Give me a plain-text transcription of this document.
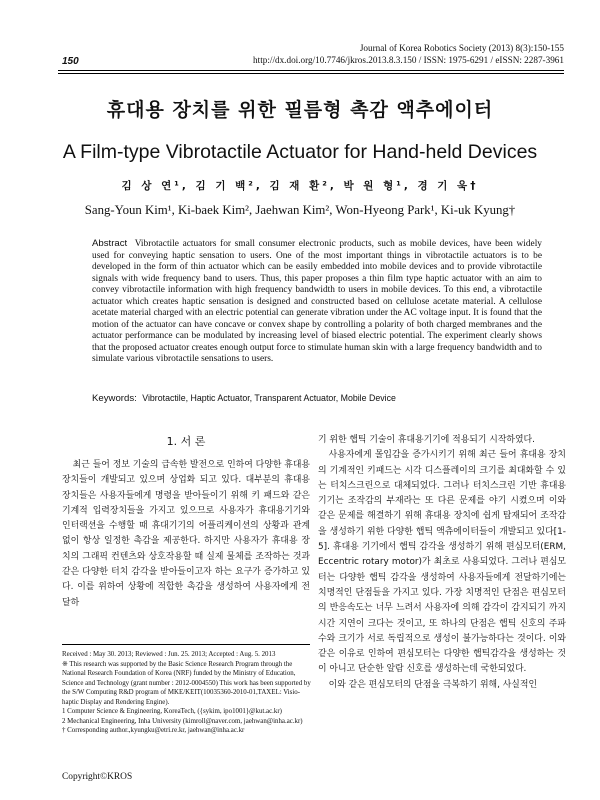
150
Journal of Korea Robotics Society (2013) 8(3):150-155
http://dx.doi.org/10.7746/jkros.2013.8.3.150 / ISSN: 1975-6291 / eISSN: 2287-3961
휴대용 장치를 위한 필름형 촉감 액추에이터
A Film-type Vibrotactile Actuator for Hand-held Devices
김 상 연¹, 김 기 백², 김 재 환², 박 원 형¹, 경 기 욱†
Sang-Youn Kim¹, Ki-baek Kim², Jaehwan Kim², Won-Hyeong Park¹, Ki-uk Kyung†
Abstract Vibrotactile actuators for small consumer electronic products, such as mobile devices, have been widely used for conveying haptic sensation to users. One of the most important things in vibrotactile actuators is to be developed in the form of thin actuator which can be easily embedded into mobile devices and to provide vibrotactile signals with wide frequency band to users. Thus, this paper proposes a thin film type haptic actuator with an aim to convey vibrotactile information with high frequency bandwidth to users in mobile devices. To this end, a vibrotactile actuator which creates haptic sensation is designed and constructed based on cellulose acetate material. A cellulose acetate material charged with an electric potential can generate vibration under the AC voltage input. It is found that the motion of the actuator can have concave or convex shape by controlling a polarity of both charged membranes and the actuator performance can be modulated by increasing level of biased electric potential. The experiment clearly shows that the proposed actuator creates enough output force to stimulate human skin with a large frequency bandwidth and to simulate various vibrotactile sensations to users.
Keywords: Vibrotactile, Haptic Actuator, Transparent Actuator, Mobile Device
1. 서 론

최근 들어 정보 기술의 급속한 발전으로 인하여 다양한 휴대용 장치들이 개발되고 있으며 상업화 되고 있다. 대부분의 휴대용 장치들은 사용자들에게 명령을 받아들이기 위해 키 패드와 같은 기계적 입력장치들을 가지고 있으므로 사용자가 휴대용기기와 인터랙션을 수행할 때 휴대기기의 어플리케이션의 상황과 관계 없이 항상 일정한 촉감을 제공한다. 하지만 사용자가 휴대용 장치의 그래픽 컨텐츠와 상호작용할 때 실제 물체를 조작하는 것과 같은 다양한 터치 감각을 받아들이고자 하는 요구가 증가하고 있다. 이를 위하여 상황에 적합한 촉감을 생성하여 사용자에게 전달하

기 위한 햅틱 기술이 휴대용기기에 적용되기 시작하였다.

사용자에게 몰입감을 증가시키기 위해 최근 들어 휴대용 장치의 기계적인 키패드는 시각 디스플레이의 크기를 최대화할 수 있는 터치스크린으로 대체되었다. 그러나 터치스크린 기반 휴대용기기는 조작감의 부재라는 또 다른 문제를 야기 시켰으며 이와 같은 문제를 해결하기 위해 휴대용 장치에 쉽게 탑재되어 조작감을 생성하기 위한 다양한 햅틱 액츄에이터들이 개발되고 있다[1-5]. 휴대용 기기에서 햅틱 감각을 생성하기 위해 편심모터(ERM, Eccentric rotary motor)가 최초로 사용되었다. 그러나 편심모터는 다양한 햅틱 감각을 생성하여 사용자들에게 전달하기에는 치명적인 단점들을 가지고 있다. 가장 치명적인 단점은 편심모터의 반응속도는 너무 느려서 사용자에 의해 감각이 감지되기 까지 시간 지연이 크다는 것이고, 또 하나의 단점은 햅틱 신호의 주파수와 크기가 서로 독립적으로 생성이 불가능하다는 것이다. 이와 같은 이유로 인하여 편심모터는 다양한 햅틱감각을 생성하는 것이 아니고 단순한 알람 신호를 생성하는데 국한되었다.

이와 같은 편심모터의 단점을 극복하기 위해, 사실적인

Received : May 30. 2013; Reviewed : Jun. 25. 2013; Accepted : Aug. 5. 2013

※ This research was supported by the Basic Science Research Program through the National Research Foundation of Korea (NRF) funded by the Ministry of Education, Science and Technology (grant number : 2012-0004550) This work has been supported by the S/W Computing R&D program of MKE/KEIT(10035360-2010-01,TAXEL: Visio-haptic Display and Rendering Engine).

1 Computer Science & Engineering, KoreaTech, ({sykim, ipo1001}@kut.ac.kr)

2 Mechanical Engineering, Inha University (kimroll@naver.com, jaehwan@inha.ac.kr)

† Corresponding author.,kyungku@etri.re.kr, jaehwan@inha.ac.kr

Copyright©KROS
